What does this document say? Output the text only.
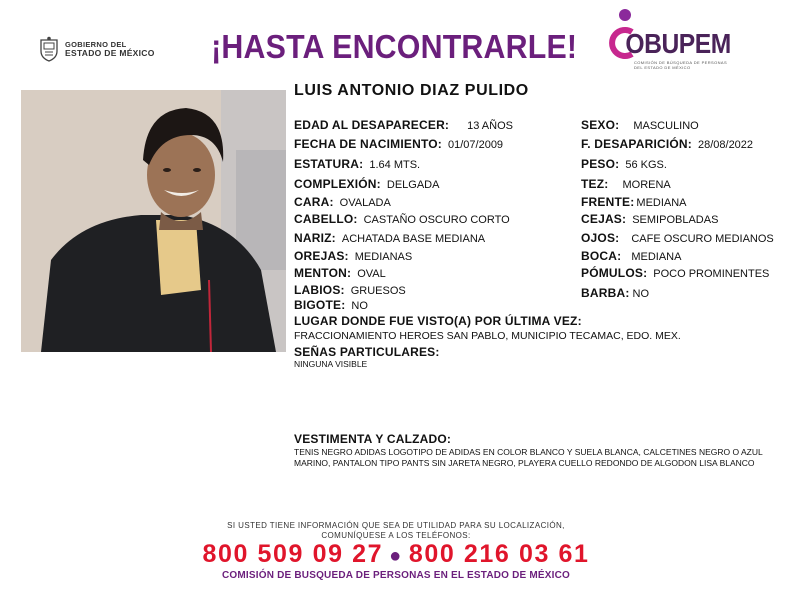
GOBIERNO DEL
ESTADO DE MÉXICO ¡HASTA ENCONTRARLE!	OBUPEM
COMISIÓN DE BÚSQUEDA DE PERSONAS
DEL ESTADO DE MÉXICO
LUIS ANTONIO DIAZ PULIDO
EDAD AL DESAPARECER: 13 AÑOS
FECHA DE NACIMIENTO: 01/07/2009
ESTATURA: 1.64 MTS.
COMPLEXIÓN: DELGADA
CARA: OVALADA
CABELLO: CASTAÑO OSCURO CORTO
NARIZ: ACHATADA BASE MEDIANA
OREJAS: MEDIANAS
MENTON: OVAL
LABIOS: GRUESOS
BIGOTE: NO
SEXO: MASCULINO
F. DESAPARICIÓN: 28/08/2022
PESO: 56 KGS.
TEZ: MORENA
FRENTE: MEDIANA
CEJAS: SEMIPOBLADAS
OJOS: CAFE OSCURO MEDIANOS
BOCA: MEDIANA
PÓMULOS: POCO PROMINENTES
BARBA: NO
LUGAR DONDE FUE VISTO(A) POR ÚLTIMA VEZ:
FRACCIONAMIENTO HEROES SAN PABLO, MUNICIPIO TECAMAC, EDO. MEX.
SEÑAS PARTICULARES:
NINGUNA VISIBLE
VESTIMENTA Y CALZADO:
TENIS NEGRO ADIDAS LOGOTIPO DE ADIDAS EN COLOR BLANCO Y SUELA BLANCA, CALCETINES NEGRO O AZUL MARINO, PANTALON TIPO PANTS SIN JARETA NEGRO, PLAYERA CUELLO REDONDO DE ALGODON LISA BLANCO
SI USTED TIENE INFORMACIÓN QUE SEA DE UTILIDAD PARA SU LOCALIZACIÓN,
COMUNÍQUESE A LOS TELÉFONOS:
800 509 09 27 ● 800 216 03 61
COMISIÓN DE BUSQUEDA DE PERSONAS EN EL ESTADO DE MÉXICO
